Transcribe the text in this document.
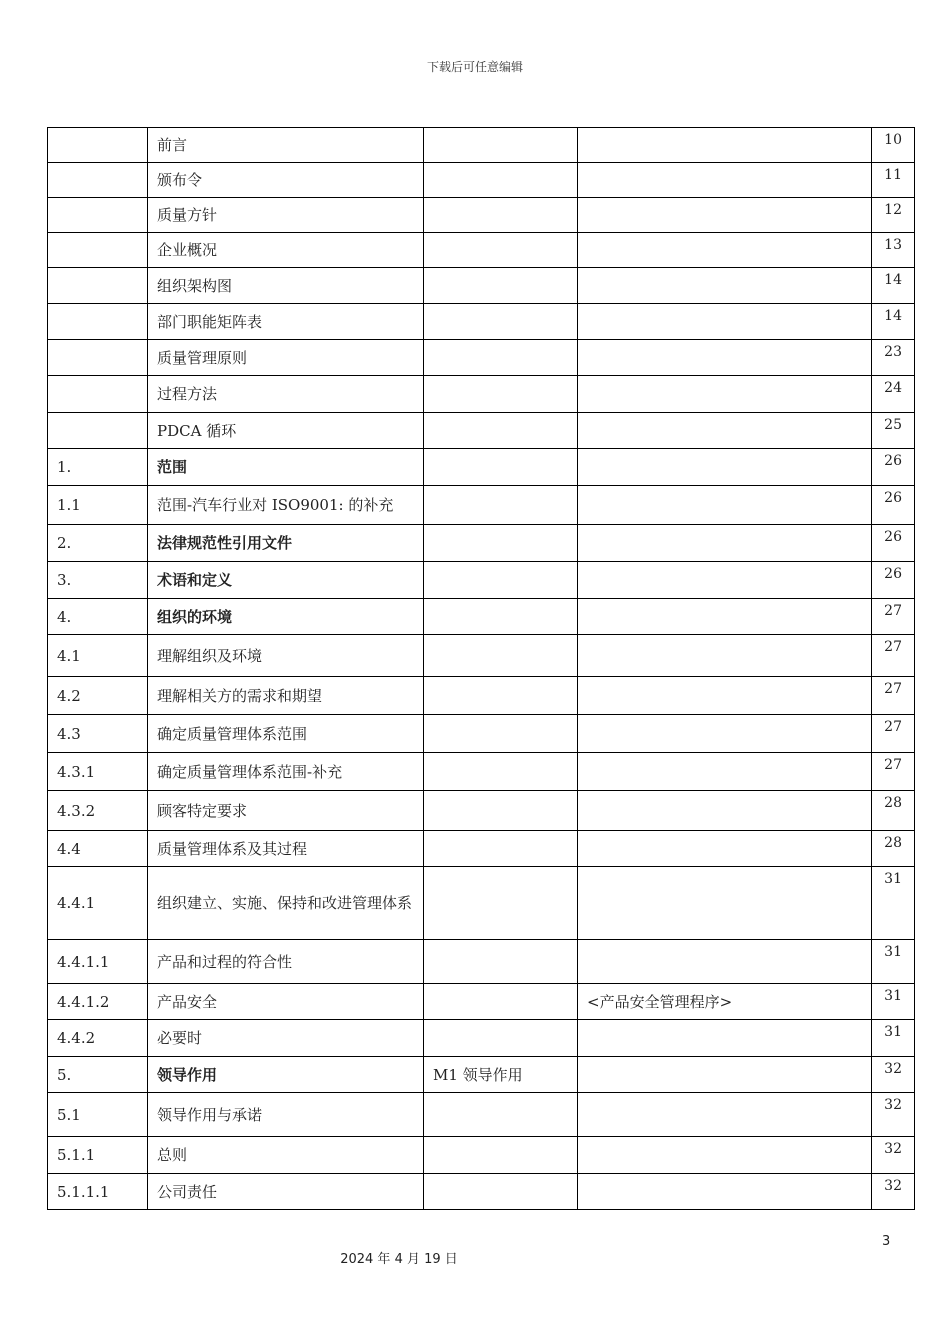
下载后可任意编辑
	前言			10
	颁布令			11
	质量方针			12
	企业概况			13
	组织架构图			14
	部门职能矩阵表			14
	质量管理原则			23
	过程方法			24
	PDCA 循环			25
1.	范围			26
1.1	范围-汽车行业对 ISO9001: 的补充			26
2.	法律规范性引用文件			26
3.	术语和定义			26
4.	组织的环境			27
4.1	理解组织及环境			27
4.2	理解相关方的需求和期望			27
4.3	确定质量管理体系范围			27
4.3.1	确定质量管理体系范围-补充			27
4.3.2	顾客特定要求			28
4.4	质量管理体系及其过程			28
4.4.1	组织建立、实施、保持和改进管理体系			31
4.4.1.1	产品和过程的符合性			31
4.4.1.2	产品安全		<产品安全管理程序>	31
4.4.2	必要时			31
5.	领导作用	M1 领导作用		32
5.1	领导作用与承诺			32
5.1.1	总则			32
5.1.1.1	公司责任			32
3
2024 年 4 月 19 日
